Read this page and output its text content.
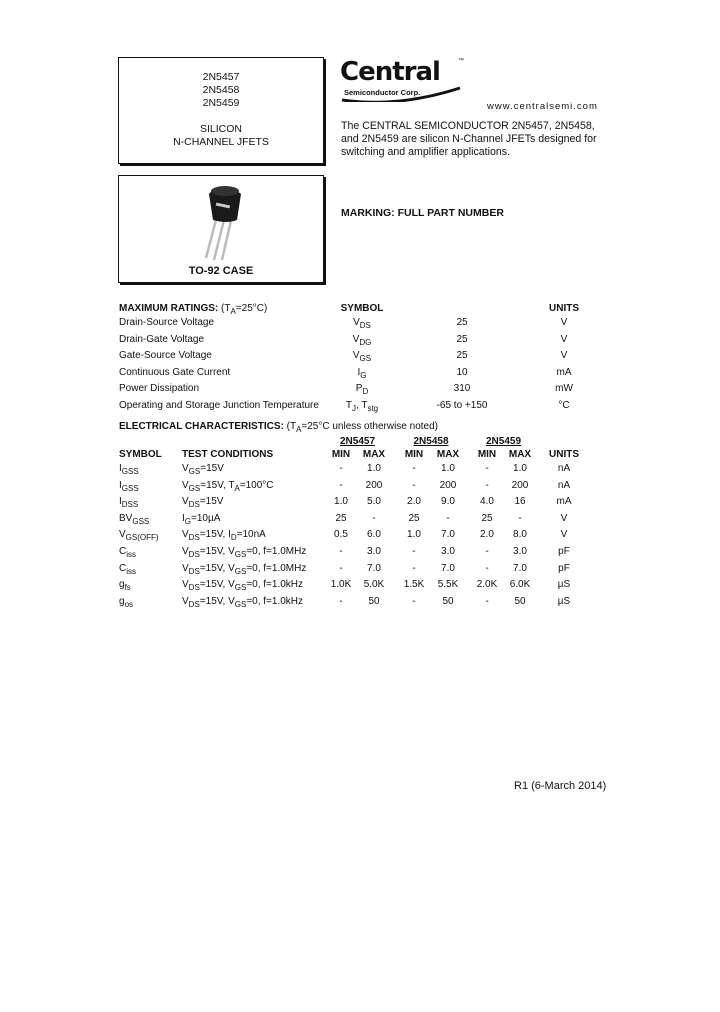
2N5457
2N5458
2N5459
SILICON
N-CHANNEL JFETS
TO-92 CASE
Central	™
Semiconductor Corp.
www.centralsemi.com
The CENTRAL SEMICONDUCTOR 2N5457, 2N5458, and 2N5459 are silicon N-Channel JFETs designed for switching and amplifier applications.
MARKING: FULL PART NUMBER
MAXIMUM RATINGS: $(T_A=25^\circ C)$	SYMBOL	UNITS
Drain-Source Voltage	$V_{DS}$	25	V
Drain-Gate Voltage	$V_{DG}$	25	V
Gate-Source Voltage	$V_{GS}$	25	V
Continuous Gate Current	$I_G$	10	mA
Power Dissipation	$P_D$	310	mW
Operating and Storage Junction Temperature	$T_J$, $T_{stg}$	-65 to +150	°C
ELECTRICAL CHARACTERISTICS: ($T_A=25^\circ C$ unless otherwise noted)
2N5457	2N5458	2N5459
SYMBOL TEST CONDITIONS	MIN MAX MIN MAX MIN MAX UNITS
$I_{GSS}$	$V_{GS}=15V$	- 1.0	-	1.0	- 1.0	nA
$I_{GSS}$	$V_{GS}=15V$, $T_A=100^\circ C$	- 200	- 200	- 200	nA
$I_{DSS}$	$V_{DS}=15V$	1.0 5.0	2.0 9.0	4.0 16	mA
$BV_{GSS}$	$I_G=10\mu A$	25	-	25	-	25	-	V
$V_{GS(OFF)}$ $V_{DS}=15V$, $I_D=10nA$	0.5 6.0	1.0 7.0	2.0 8.0	V
$C_{iss}$	$V_{DS}=15V$, $V_{GS}=0$, f=1.0MHz	- 3.0	-	3.0	- 3.0	pF
$C_{iss}$	$V_{DS}=15V$, $V_{GS}=0$, f=1.0MHz	- 7.0	-	7.0	- 7.0	pF
$g_{fs}$	$V_{DS}=15V$, $V_{GS}=0$, f=1.0kHz	1.0K 5.0K 1.5K 5.5K 2.0K 6.0K	µS
$g_{os}$	$V_{DS}=15V$, $V_{GS}=0$, f=1.0kHz	-	50	-	50	-	50	µS
R1 (6-March 2014)
